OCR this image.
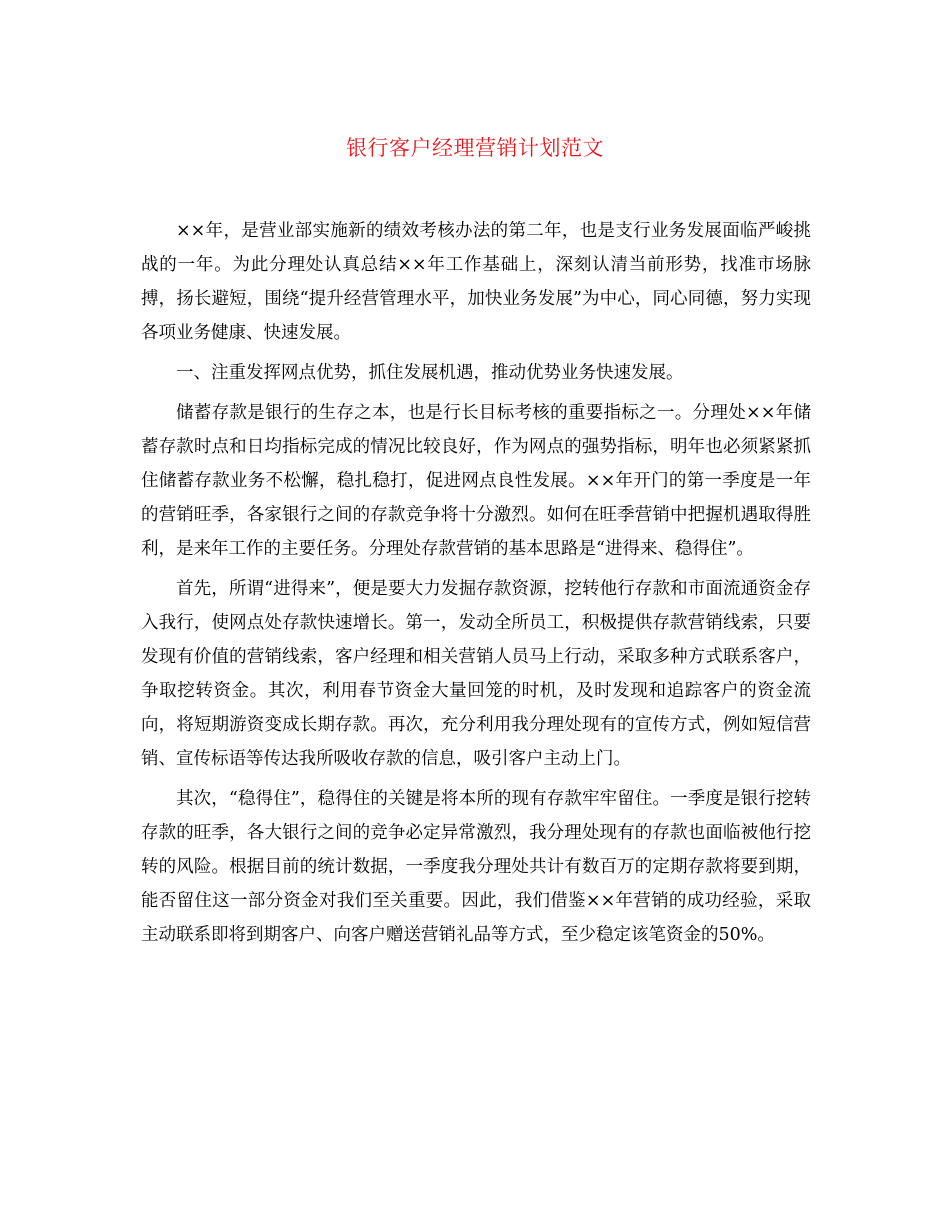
银行客户经理营销计划范文

××年，是营业部实施新的绩效考核办法的第二年，也是支行业务发展面临严峻挑战的一年。为此分理处认真总结××年工作基础上，深刻认清当前形势，找准市场脉搏，扬长避短，围绕“提升经营管理水平，加快业务发展”为中心，同心同德，努力实现各项业务健康、快速发展。

一、注重发挥网点优势，抓住发展机遇，推动优势业务快速发展。

储蓄存款是银行的生存之本，也是行长目标考核的重要指标之一。分理处××年储蓄存款时点和日均指标完成的情况比较良好，作为网点的强势指标，明年也必须紧紧抓住储蓄存款业务不松懈，稳扎稳打，促进网点良性发展。××年开门的第一季度是一年的营销旺季，各家银行之间的存款竞争将十分激烈。如何在旺季营销中把握机遇取得胜利，是来年工作的主要任务。分理处存款营销的基本思路是“进得来、稳得住”。

首先，所谓“进得来”，便是要大力发掘存款资源，挖转他行存款和市面流通资金存入我行，使网点处存款快速增长。第一，发动全所员工，积极提供存款营销线索，只要发现有价值的营销线索，客户经理和相关营销人员马上行动，采取多种方式联系客户，争取挖转资金。其次，利用春节资金大量回笼的时机，及时发现和追踪客户的资金流向，将短期游资变成长期存款。再次，充分利用我分理处现有的宣传方式，例如短信营销、宣传标语等传达我所吸收存款的信息，吸引客户主动上门。

其次，“稳得住”，稳得住的关键是将本所的现有存款牢牢留住。一季度是银行挖转存款的旺季，各大银行之间的竞争必定异常激烈，我分理处现有的存款也面临被他行挖转的风险。根据目前的统计数据，一季度我分理处共计有数百万的定期存款将要到期，能否留住这一部分资金对我们至关重要。因此，我们借鉴××年营销的成功经验，采取主动联系即将到期客户、向客户赠送营销礼品等方式，至少稳定该笔资金的50%。
